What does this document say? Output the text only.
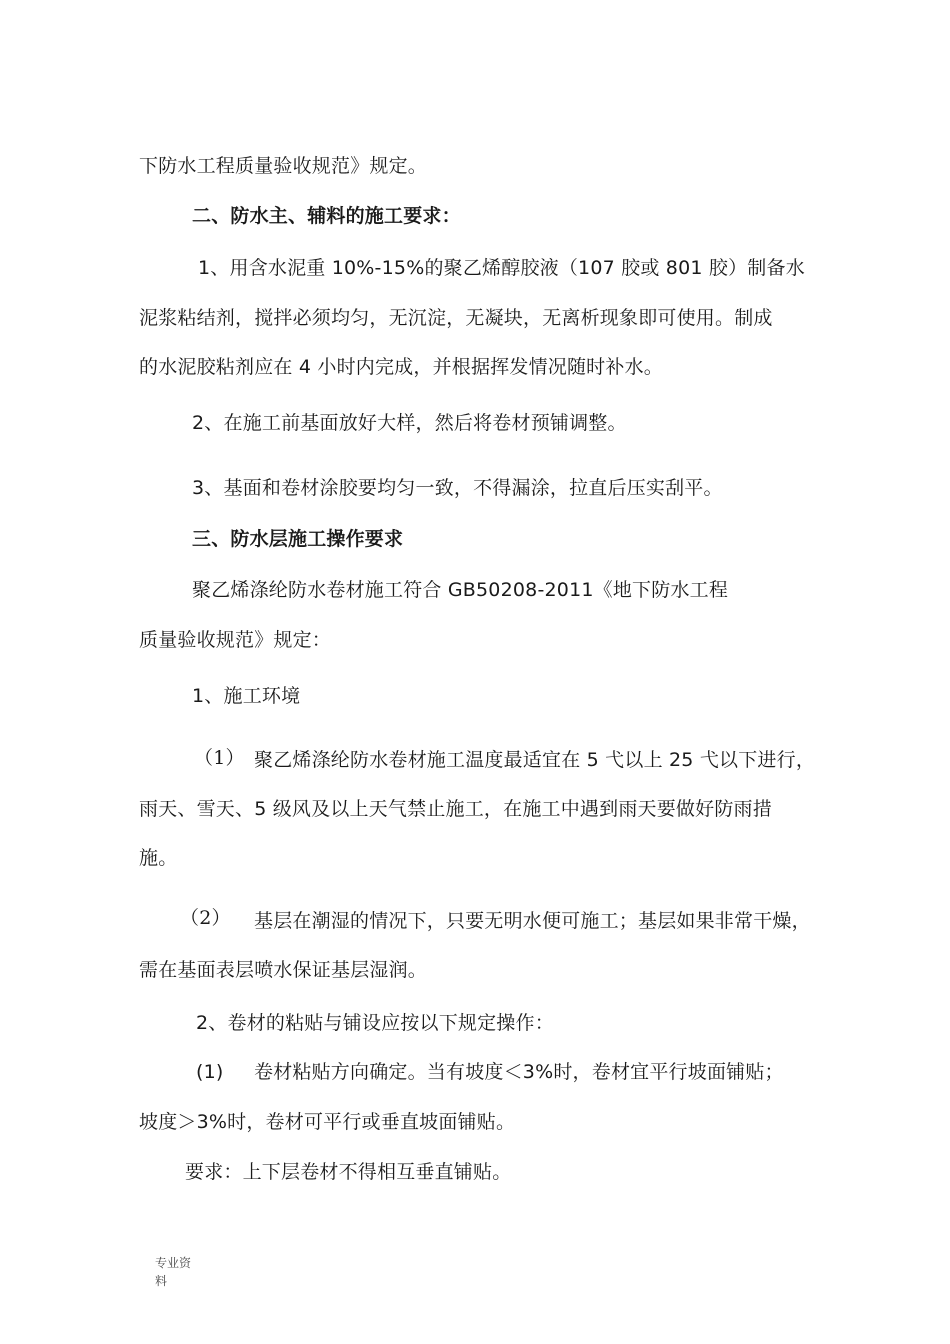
下防水工程质量验收规范》规定。
二、防水主、辅料的施工要求：
1、用含水泥重 10%-15%的聚乙烯醇胶液（107 胶或 801 胶）制备水
泥浆粘结剂，搅拌必须均匀，无沉淀，无凝块，无离析现象即可使用。制成
的水泥胶粘剂应在 4 小时内完成，并根据挥发情况随时补水。
2、在施工前基面放好大样，然后将卷材预铺调整。
3、基面和卷材涂胶要均匀一致，不得漏涂，拉直后压实刮平。
三、防水层施工操作要求
聚乙烯涤纶防水卷材施工符合 GB50208-2011《地下防水工程
质量验收规范》规定：
1、施工环境
（1） 聚乙烯涤纶防水卷材施工温度最适宜在 5 弋以上 25 弋以下进行，
雨天、雪天、5 级风及以上天气禁止施工，在施工中遇到雨天要做好防雨措
施。
（2） 基层在潮湿的情况下，只要无明水便可施工；基层如果非常干燥，
需在基面表层喷水保证基层湿润。
2、卷材的粘贴与铺设应按以下规定操作：
(1) 卷材粘贴方向确定。当有坡度＜3%时，卷材宜平行坡面铺贴；
坡度＞3%时，卷材可平行或垂直坡面铺贴。
要求：上下层卷材不得相互垂直铺贴。
专业资
料
